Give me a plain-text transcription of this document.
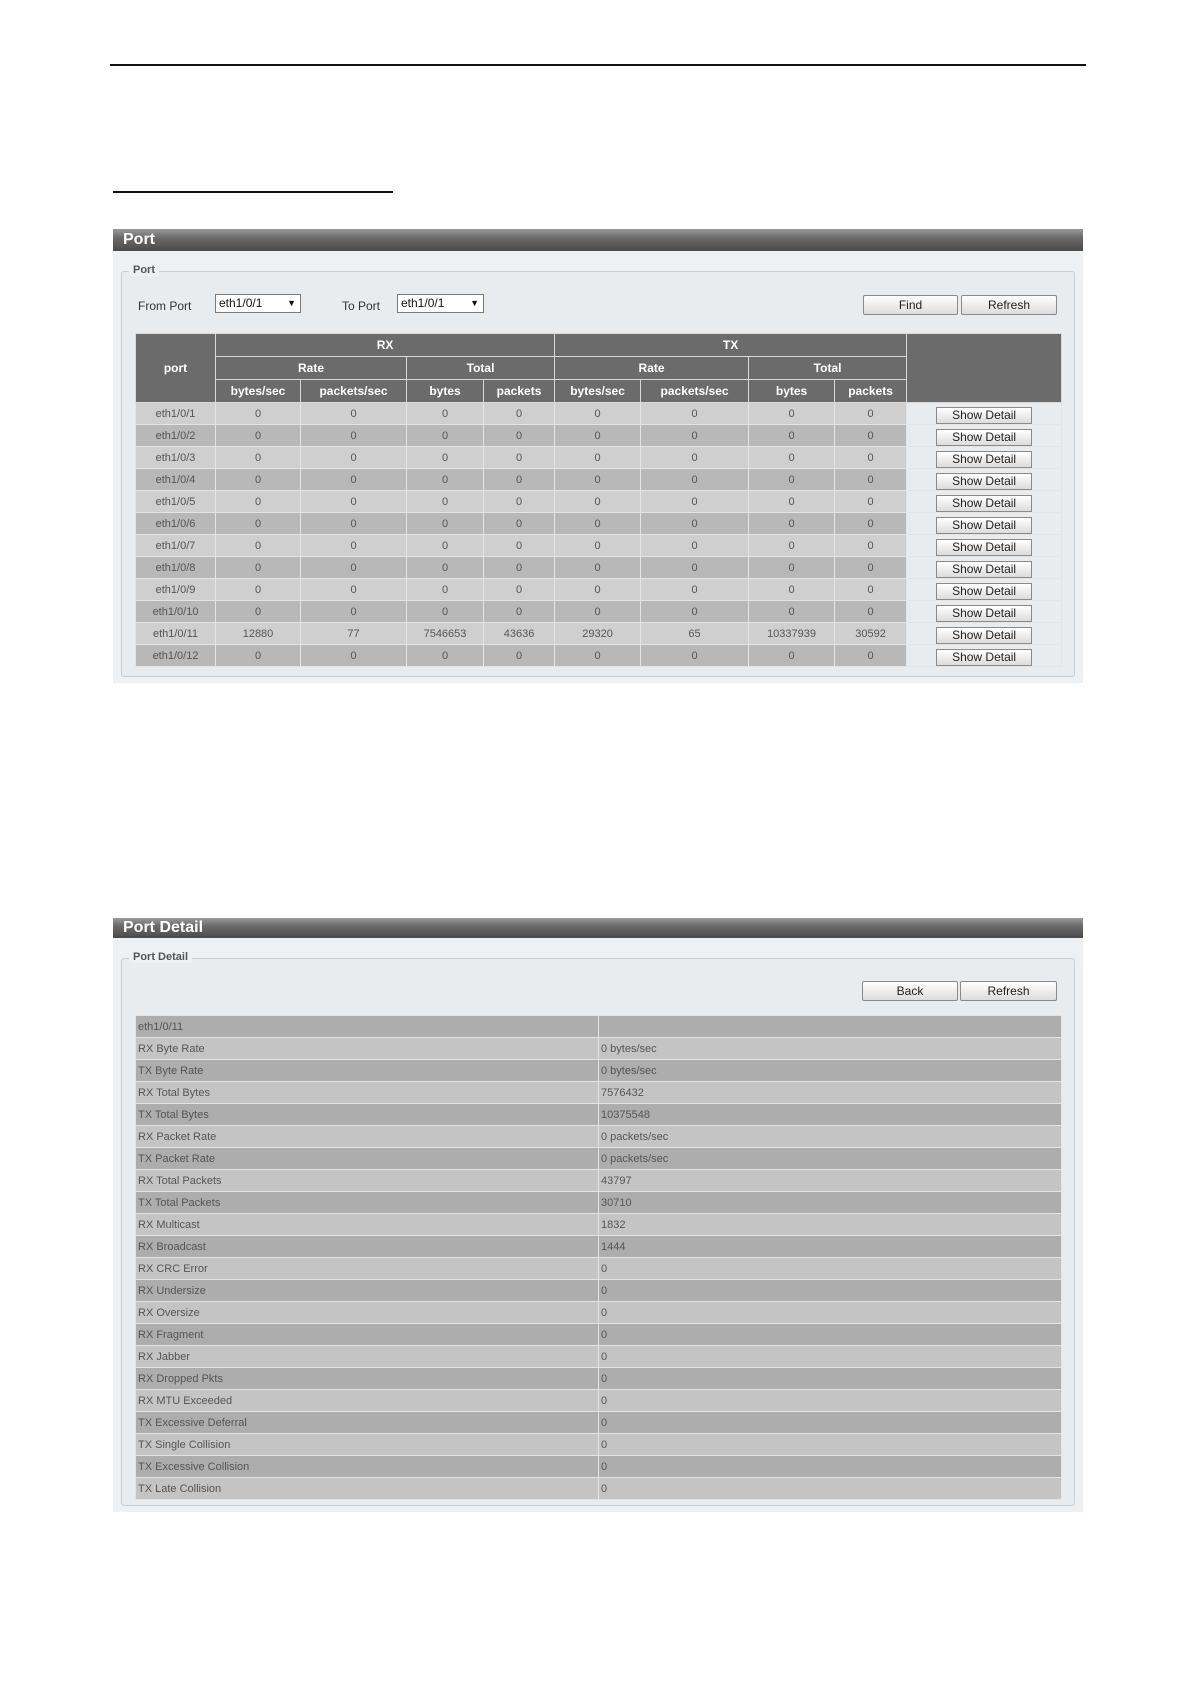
Port
Port
From Port	eth1/0/1	▼	To Port	eth1/0/1	▼	Find	Refresh
port	RX				TX				
	Rate		Total		Rate		Total		
	bytes/sec	packets/sec	bytes	packets	bytes/sec	packets/sec	bytes	packets	
eth1/0/1	0	0	0	0	0	0	0	0	Show Detail
eth1/0/2	0	0	0	0	0	0	0	0	Show Detail
eth1/0/3	0	0	0	0	0	0	0	0	Show Detail
eth1/0/4	0	0	0	0	0	0	0	0	Show Detail
eth1/0/5	0	0	0	0	0	0	0	0	Show Detail
eth1/0/6	0	0	0	0	0	0	0	0	Show Detail
eth1/0/7	0	0	0	0	0	0	0	0	Show Detail
eth1/0/8	0	0	0	0	0	0	0	0	Show Detail
eth1/0/9	0	0	0	0	0	0	0	0	Show Detail
eth1/0/10	0	0	0	0	0	0	0	0	Show Detail
eth1/0/11	12880	77	7546653	43636	29320	65	10337939	30592	Show Detail
eth1/0/12	0	0	0	0	0	0	0	0	Show Detail
Port Detail
Port Detail
Back	Refresh
eth1/0/11	
RX Byte Rate	0 bytes/sec
TX Byte Rate	0 bytes/sec
RX Total Bytes	7576432
TX Total Bytes	10375548
RX Packet Rate	0 packets/sec
TX Packet Rate	0 packets/sec
RX Total Packets	43797
TX Total Packets	30710
RX Multicast	1832
RX Broadcast	1444
RX CRC Error	0
RX Undersize	0
RX Oversize	0
RX Fragment	0
RX Jabber	0
RX Dropped Pkts	0
RX MTU Exceeded	0
TX Excessive Deferral	0
TX Single Collision	0
TX Excessive Collision	0
TX Late Collision	0
